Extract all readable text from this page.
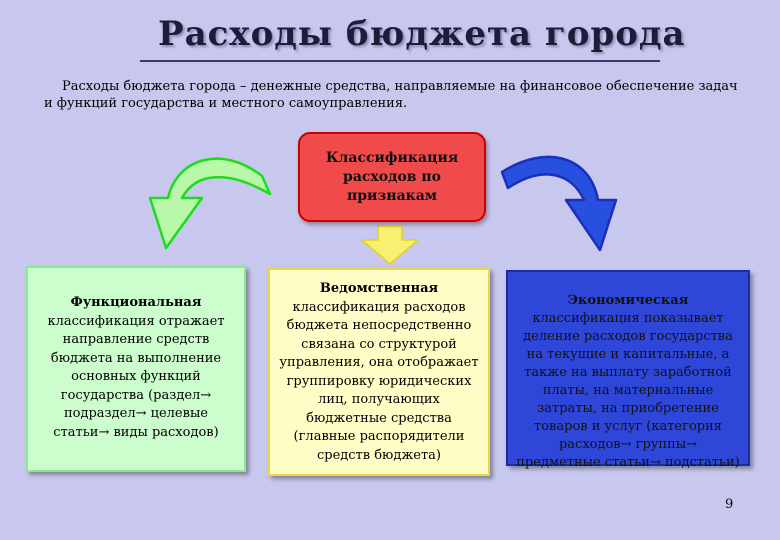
Расходы бюджета города
Расходы бюджета города – денежные средства, направляемые на финансовое обеспечение задач и функций государства и местного самоуправления.
Классификация расходов по признакам
Функциональная
классификация отражает направление средств бюджета на выполнение основных функций государства (раздел→ подраздел→ целевые статьи→ виды расходов)
Ведомственная
классификация расходов бюджета непосредственно связана со структурой управления, она отображает группировку юридических лиц, получающих бюджетные средства (главные распорядители средств бюджета)
Экономическая классификация показывает деление расходов государства на текущие и капитальные, а также на выплату заработной платы, на материальные затраты, на приобретение товаров и услуг (категория расходов→ группы→ предметные статьи→ подстатьи)
9
